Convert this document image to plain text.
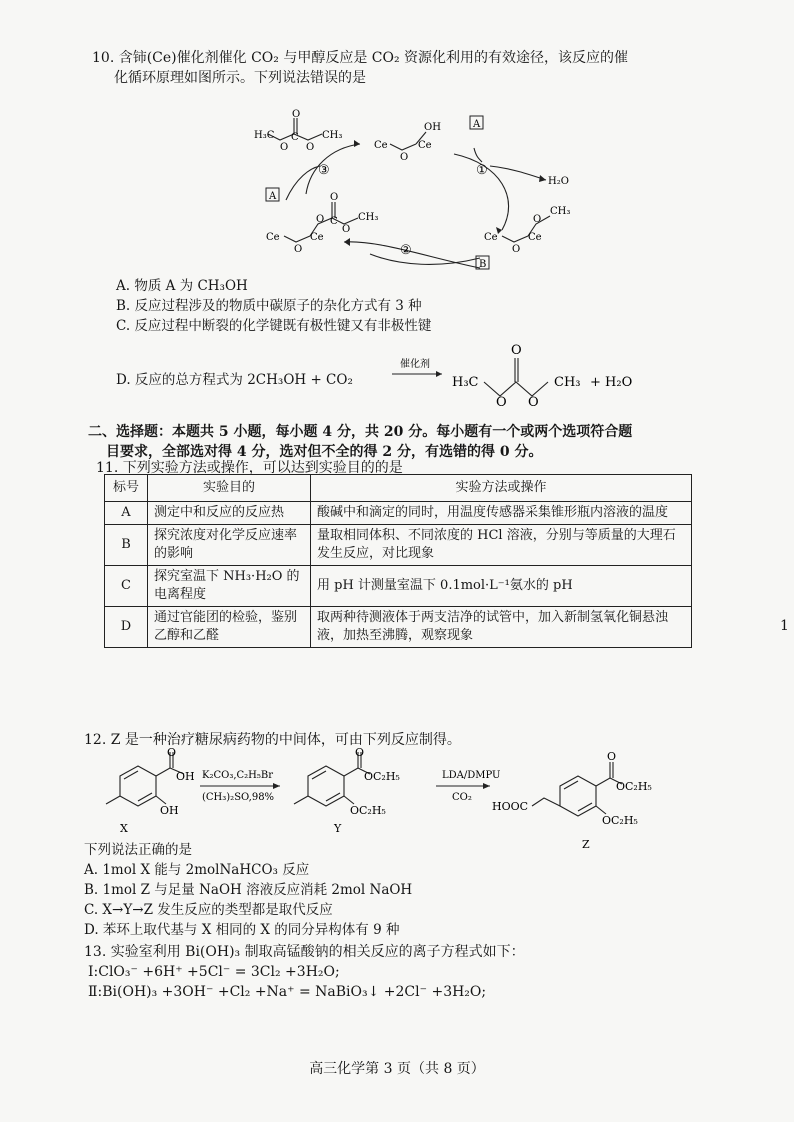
10. 含铈(Ce)催化剂催化 CO₂ 与甲醇反应是 CO₂ 资源化利用的有效途径，该反应的催
化循环原理如图所示。下列说法错误的是
H₃C
O
C
O
O
CH₃
Ce
O
Ce
OH
H₂O
Ce
O
Ce
O
CH₃
Ce
O
Ce
O C
O
O
CH₃
③	①
②
A
A
B
A. 物质 A 为 CH₃OH
B. 反应过程涉及的物质中碳原子的杂化方式有 3 种
C. 反应过程中断裂的化学键既有极性键又有非极性键
D. 反应的总方程式为 2CH₃OH + CO₂
催化剂
H₃C
O
O
O
CH₃ + H₂O
二、选择题：本题共 5 小题，每小题 4 分，共 20 分。每小题有一个或两个选项符合题
目要求，全部选对得 4 分，选对但不全的得 2 分，有选错的得 0 分。
11. 下列实验方法或操作，可以达到实验目的的是
标号	实验目的	实验方法或操作
A	测定中和反应的反应热	酸碱中和滴定的同时，用温度传感器采集锥形瓶内溶液的温度
B	探究浓度对化学反应速率的影响	量取相同体积、不同浓度的 HCl 溶液，分别与等质量的大理石发生反应，对比现象
C	探究室温下 NH₃·H₂O 的电离程度	用 pH 计测量室温下 0.1mol·L⁻¹氨水的 pH
D	通过官能团的检验，鉴别乙醇和乙醛	取两种待测液体于两支洁净的试管中，加入新制氢氧化铜悬浊液，加热至沸腾，观察现象
12. Z 是一种治疗糖尿病药物的中间体，可由下列反应制得。
OH
O
OH
X
K₂CO₃,C₂H₅Br
(CH₃)₂SO,98%
OC₂H₅
O
OC₂H₅
Y
LDA/DMPU
CO₂
HOOC
OC₂H₅
O
OC₂H₅
Z
下列说法正确的是
A. 1mol X 能与 2molNaHCO₃ 反应
B. 1mol Z 与足量 NaOH 溶液反应消耗 2mol NaOH
C. X→Y→Z 发生反应的类型都是取代反应
D. 苯环上取代基与 X 相同的 X 的同分异构体有 9 种
13. 实验室利用 Bi(OH)₃ 制取高锰酸钠的相关反应的离子方程式如下：
Ⅰ:ClO₃⁻ +6H⁺ +5Cl⁻ = 3Cl₂ +3H₂O;
Ⅱ:Bi(OH)₃ +3OH⁻ +Cl₂ +Na⁺ = NaBiO₃↓ +2Cl⁻ +3H₂O;
1
高三化学第 3 页（共 8 页）
